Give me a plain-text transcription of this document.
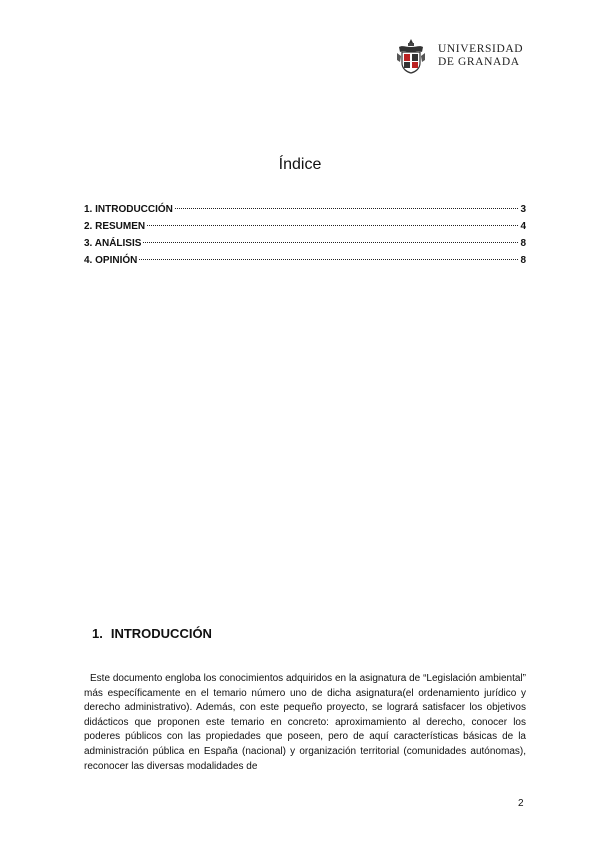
UNIVERSIDAD
DE GRANADA
Índice
1. INTRODUCCIÓN	3
2. RESUMEN	4
3. ANÁLISIS	8
4. OPINIÓN	8
1. INTRODUCCIÓN

Este documento engloba los conocimientos adquiridos en la asignatura de “Legislación ambiental” más específicamente en el temario número uno de dicha asignatura(el ordenamiento jurídico y derecho administrativo). Además, con este pequeño proyecto, se logrará satisfacer los objetivos didácticos que proponen este temario en concreto: aproximamiento al derecho, conocer los poderes públicos con las propiedades que poseen, pero de aquí características básicas de la administración pública en España (nacional) y organización territorial (comunidades autónomas), reconocer las diversas modalidades de

2
